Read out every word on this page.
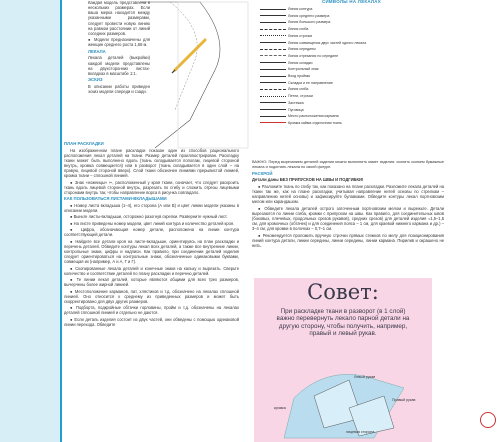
Каждая модель представлена в нескольких размерах. Если ваша мерка находится между указанными размерами, следует провести новую линию на равном расстоянии от линий соседних размеров.

● Модели предназначены для женщин среднего роста 1,68 м.

ЛЕКАЛА

Лекала деталей (выкройки) каждой модели представлены на двухсторонних листах-вкладках в масштабе 1:1.

ЭСКИЗ

В описании работы приведен эскиз модели спереди и сзади.

ПЛАН РАСКЛАДКИ

На изображенном плане раскладки показан один из способов рационального расположения лекал деталей на ткани. Размер деталей проиллюстрирован. Раскладку ткани может быть выполнено вдоль (ткань складывается пополам, лицевой стороной внутрь, кромка совмещается) или в разворот (ткань складывается в один слой – на правую, лицевой стороной вверх). Слой ткани обозначен линиями прерывистой линией, кромка ткани – сплошной линией.

● Знак «ножницы» ✂, расположенный у края ткани, означает, что следует раскроить ткань вдоль лицевой стороной внутрь, разрезать по сгибу и сложить отрезы лицевыми сторонами внутрь так, чтобы направление ворса в рисунка совпадало.

КАК ПОЛЬЗОВАТЬСЯ ЛИСТАМИ-ВКЛАДЫШАМИ

● Номер листа вкладыша (1–4), его сторона (А или В) и цвет линии модели указаны в описании модели.

● Выньте листы-вкладыши, осторожно разогнув скрепки. Разверните нужный лист.

● На листе приведены номер модели, цвет линий контура и количество деталей кроя.

● Цифра, обозначающая номер детали, расположена на линии контура соответствующей детали.

● Найдите все детали кроя на листе-вкладыше, ориентируясь на план раскладки и перечень деталей. Обведите контуры лекал всех деталей, а также все внутренние линии, контрольные знаки, цифры и надписи. Как правило, при соединении деталей изделия следует ориентироваться на контрольные знаки, обозначенные одинаковыми буквами, совмещая их (например, А и А, Г и Г).

● Скопированные лекала деталей и конечные знаки на кальку и вырезать. Сверьте количество и соответствие деталей по плану раскладки и перечню деталей.

● Те линии лекал деталей, которые являются общими для всех трех размеров, вычерчены более жирной линией.

● Местоположение карманов, пат, хлястиков и т.д. обозначено на лекалах сплошной линией. Оно относится к среднему из приведенных размеров и может быть скорректировано для двух других размеров.

● Подборта, подкройные обтачки горловины, пройм и т.д. обозначены на лекалах деталей сплошной линией и отдельно не даются.

● Если деталь изделия состоит из двух частей, они обведены с помощью одинаковой линии перехода. Обведите

СИМВОЛЫ НА ЛЕКАЛАХ
Линия контура
Линия среднего размера
Линия большого размера
Линия сгиба
Линия строчки
Линия совмещения двух частей одного лекала
Линия середины
Линия отрезания по середине
Линия складки
Контрольный знак
Вход проймы
Складка и ее направление
Линия сгиба
Петли, строчки
Застежка
Пуговица
Место расположения кармана
Кромка кайма отделочная ткань

ВАЖНО: Перед вырезанием деталей изделия можно выполнить макет изделия: скопить скоюем бумажные лекала и подогнать лекала по своей фигуре.

РАСКРОЙ

Детали даны БЕЗ ПРИПУСКОВ НА ШВЫ И ПОДГИБКИ!

● Разложите ткань по сгибу так, как показано на плане раскладки. Разложите лекала деталей на ткани так же, как на плане раскладки, учитывая направление нитей основы по стрелкам – направлению нитей основы) и зафиксируйте булавками. Обведите контуры лекал портновским мелом или карандашом.

● Обведите лекала деталей острого заточенным портновским мелом и вырежьте. Детали вырезаются по линии сгиба, кромки с припуском на швы. Как правило, для соединительных швов (боковых, плечевых, продольных срезов рукавов), средних срезов) для деталей изделия ≈1,5–1,5 см, для кромочных (обтачек) и для соединения пояса – 1 см, для краевой нижнего кармана и др.) – 3–4 см, для кромки в полочках – 0,7–1 см.

● Рекомендуется проложить вручную строчки прямых стежков по мелу для позиционирования линий контура детали, линии середины, линии середины, линии кармана. Пирилив и окрашено не нить.

Совет:
При раскладке ткани в разворот (в 1 слой) важно перевернуть лекало парной детали на другую сторону, чтобы получить, например, правый и левый рукав.
Левый рукав
Правый рукав
кромка
лицевая сторона
